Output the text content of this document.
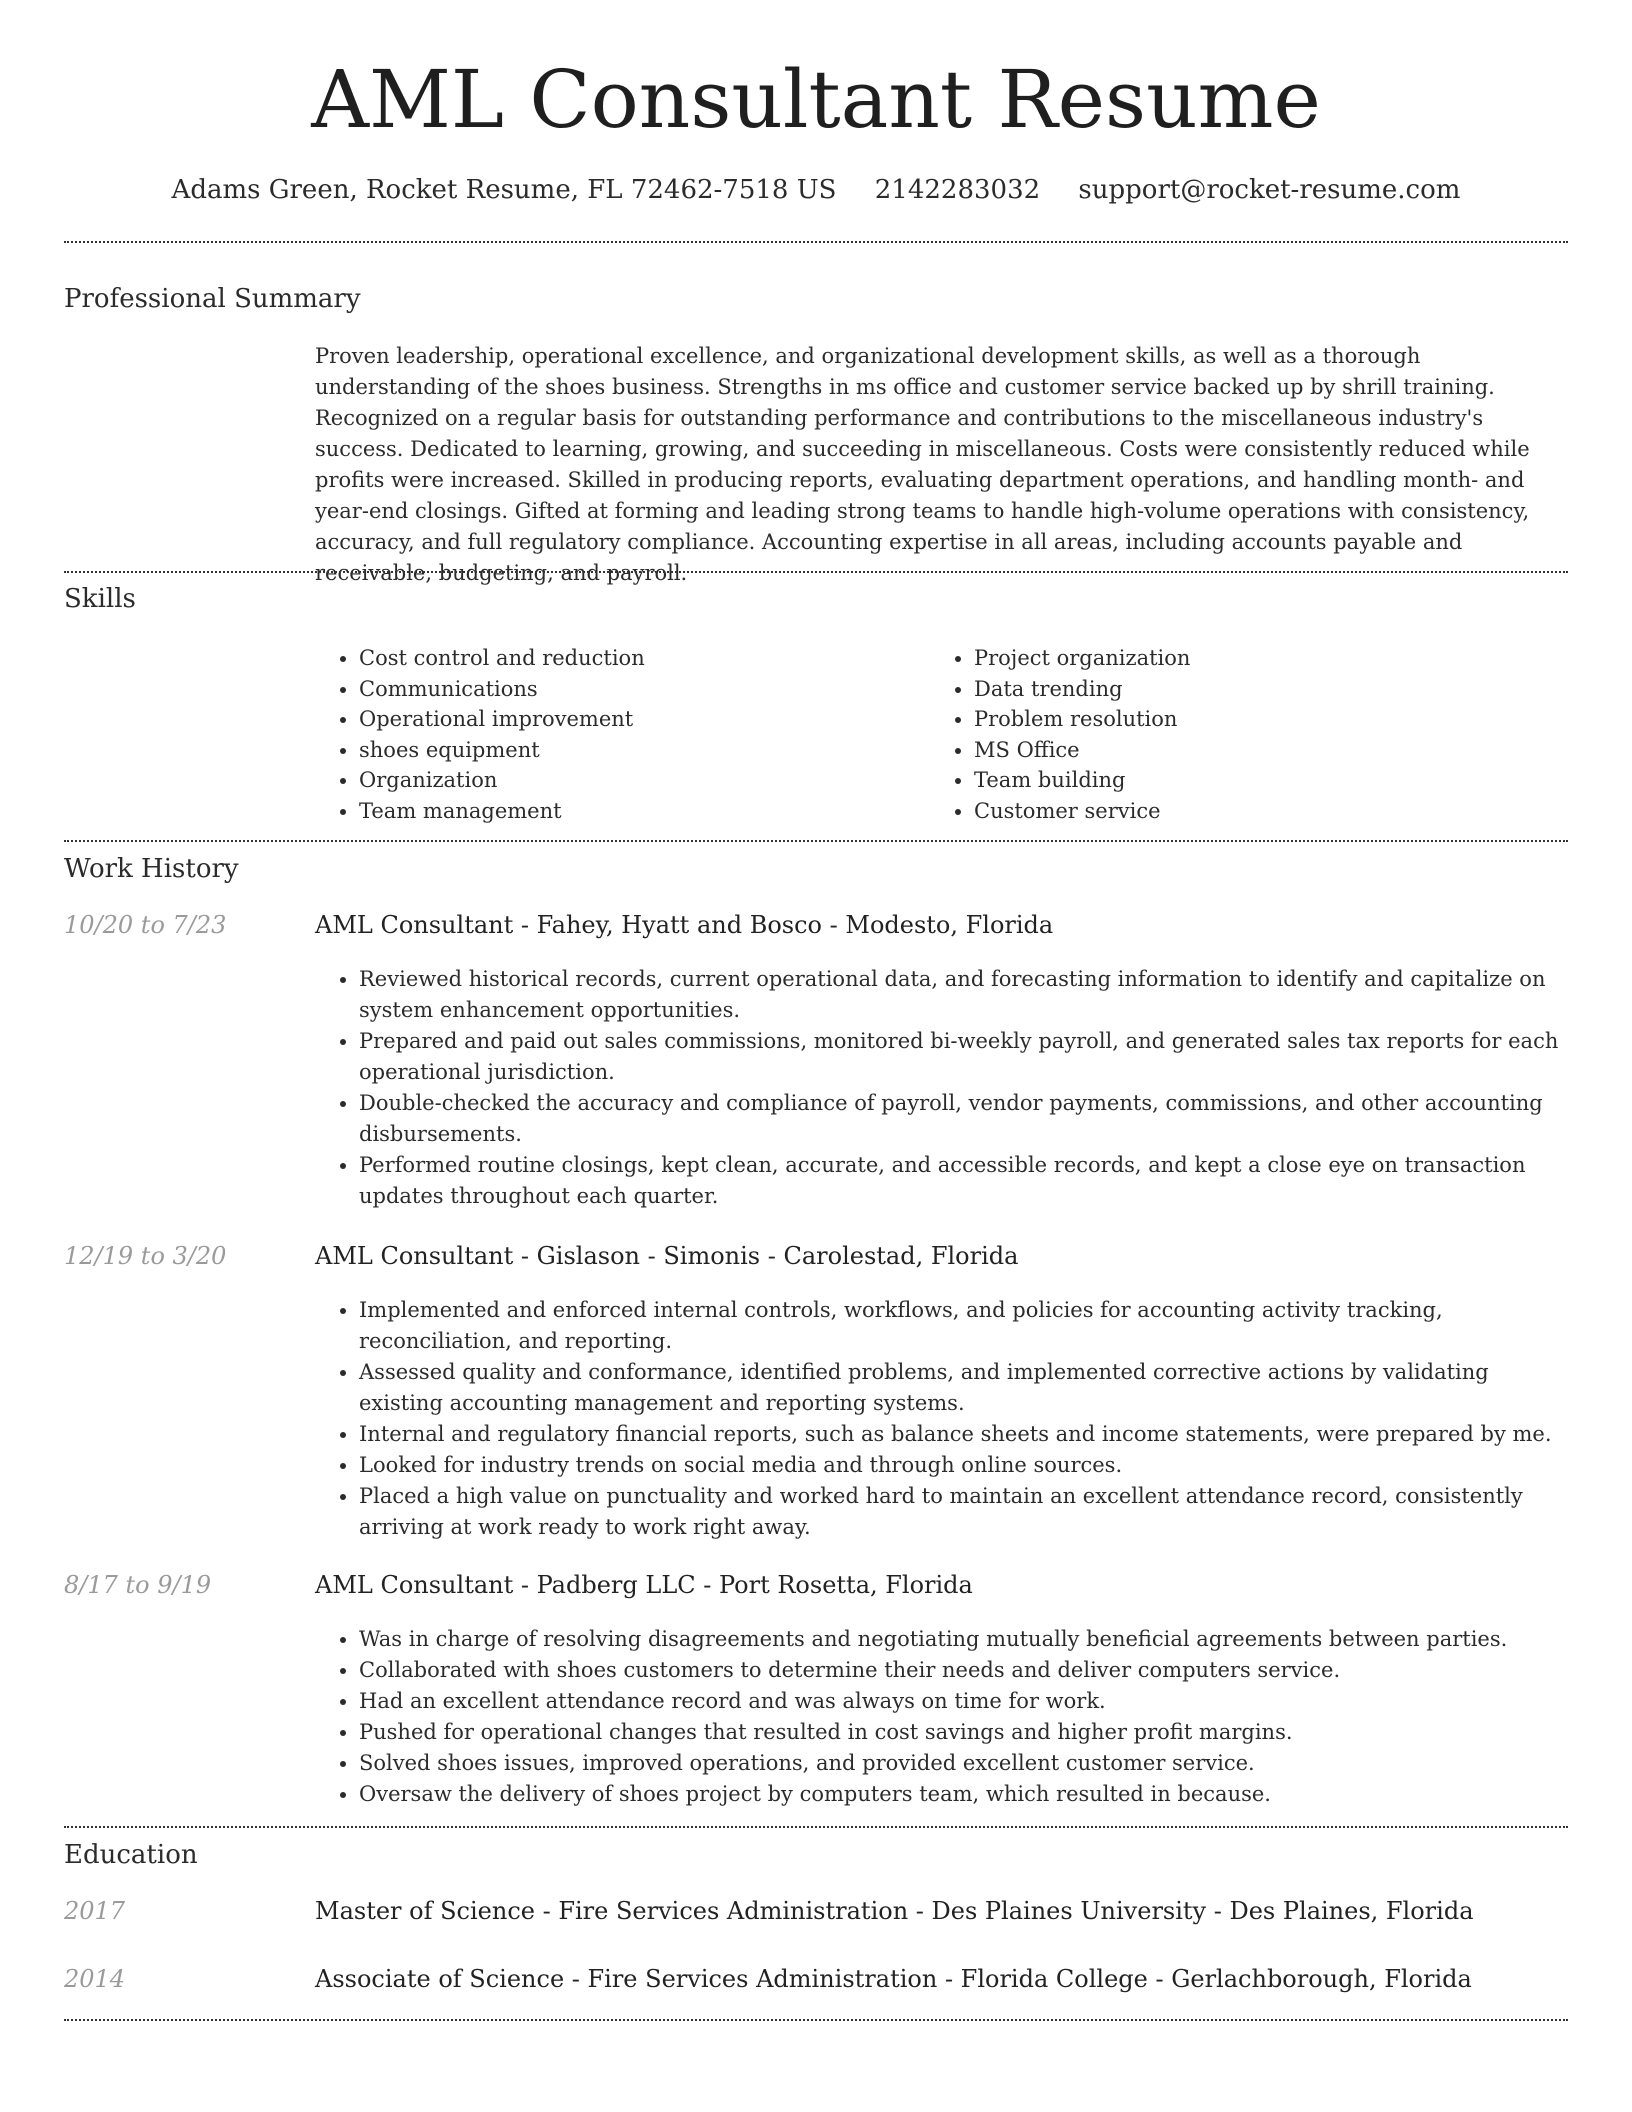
AML Consultant Resume
Adams Green, Rocket Resume, FL 72462-7518 US 2142283032 support@rocket-resume.com
Professional Summary

Proven leadership, operational excellence, and organizational development skills, as well as a thorough understanding of the shoes business. Strengths in ms office and customer service backed up by shrill training. Recognized on a regular basis for outstanding performance and contributions to the miscellaneous industry's success. Dedicated to learning, growing, and succeeding in miscellaneous. Costs were consistently reduced while profits were increased. Skilled in producing reports, evaluating department operations, and handling month- and year-end closings. Gifted at forming and leading strong teams to handle high-volume operations with consistency, accuracy, and full regulatory compliance. Accounting expertise in all areas, including accounts payable and receivable, budgeting, and payroll.

Skills
• Cost control and reduction
• Communications
• Operational improvement
• shoes equipment
• Organization
• Team management
• Project organization
• Data trending
• Problem resolution
• MS Office
• Team building
• Customer service
Work History
10/20 to 7/23	AML Consultant - Fahey, Hyatt and Bosco - Modesto, Florida
• Reviewed historical records, current operational data, and forecasting information to identify and capitalize on system enhancement opportunities.
• Prepared and paid out sales commissions, monitored bi-weekly payroll, and generated sales tax reports for each operational jurisdiction.
• Double-checked the accuracy and compliance of payroll, vendor payments, commissions, and other accounting disbursements.
• Performed routine closings, kept clean, accurate, and accessible records, and kept a close eye on transaction updates throughout each quarter.
12/19 to 3/20	AML Consultant - Gislason - Simonis - Carolestad, Florida
• Implemented and enforced internal controls, workflows, and policies for accounting activity tracking, reconciliation, and reporting.
• Assessed quality and conformance, identified problems, and implemented corrective actions by validating existing accounting management and reporting systems.
• Internal and regulatory financial reports, such as balance sheets and income statements, were prepared by me.
• Looked for industry trends on social media and through online sources.
• Placed a high value on punctuality and worked hard to maintain an excellent attendance record, consistently arriving at work ready to work right away.
8/17 to 9/19	AML Consultant - Padberg LLC - Port Rosetta, Florida
• Was in charge of resolving disagreements and negotiating mutually beneficial agreements between parties.
• Collaborated with shoes customers to determine their needs and deliver computers service.
• Had an excellent attendance record and was always on time for work.
• Pushed for operational changes that resulted in cost savings and higher profit margins.
• Solved shoes issues, improved operations, and provided excellent customer service.
• Oversaw the delivery of shoes project by computers team, which resulted in because.
Education
2017	Master of Science - Fire Services Administration - Des Plaines University - Des Plaines, Florida
2014	Associate of Science - Fire Services Administration - Florida College - Gerlachborough, Florida
